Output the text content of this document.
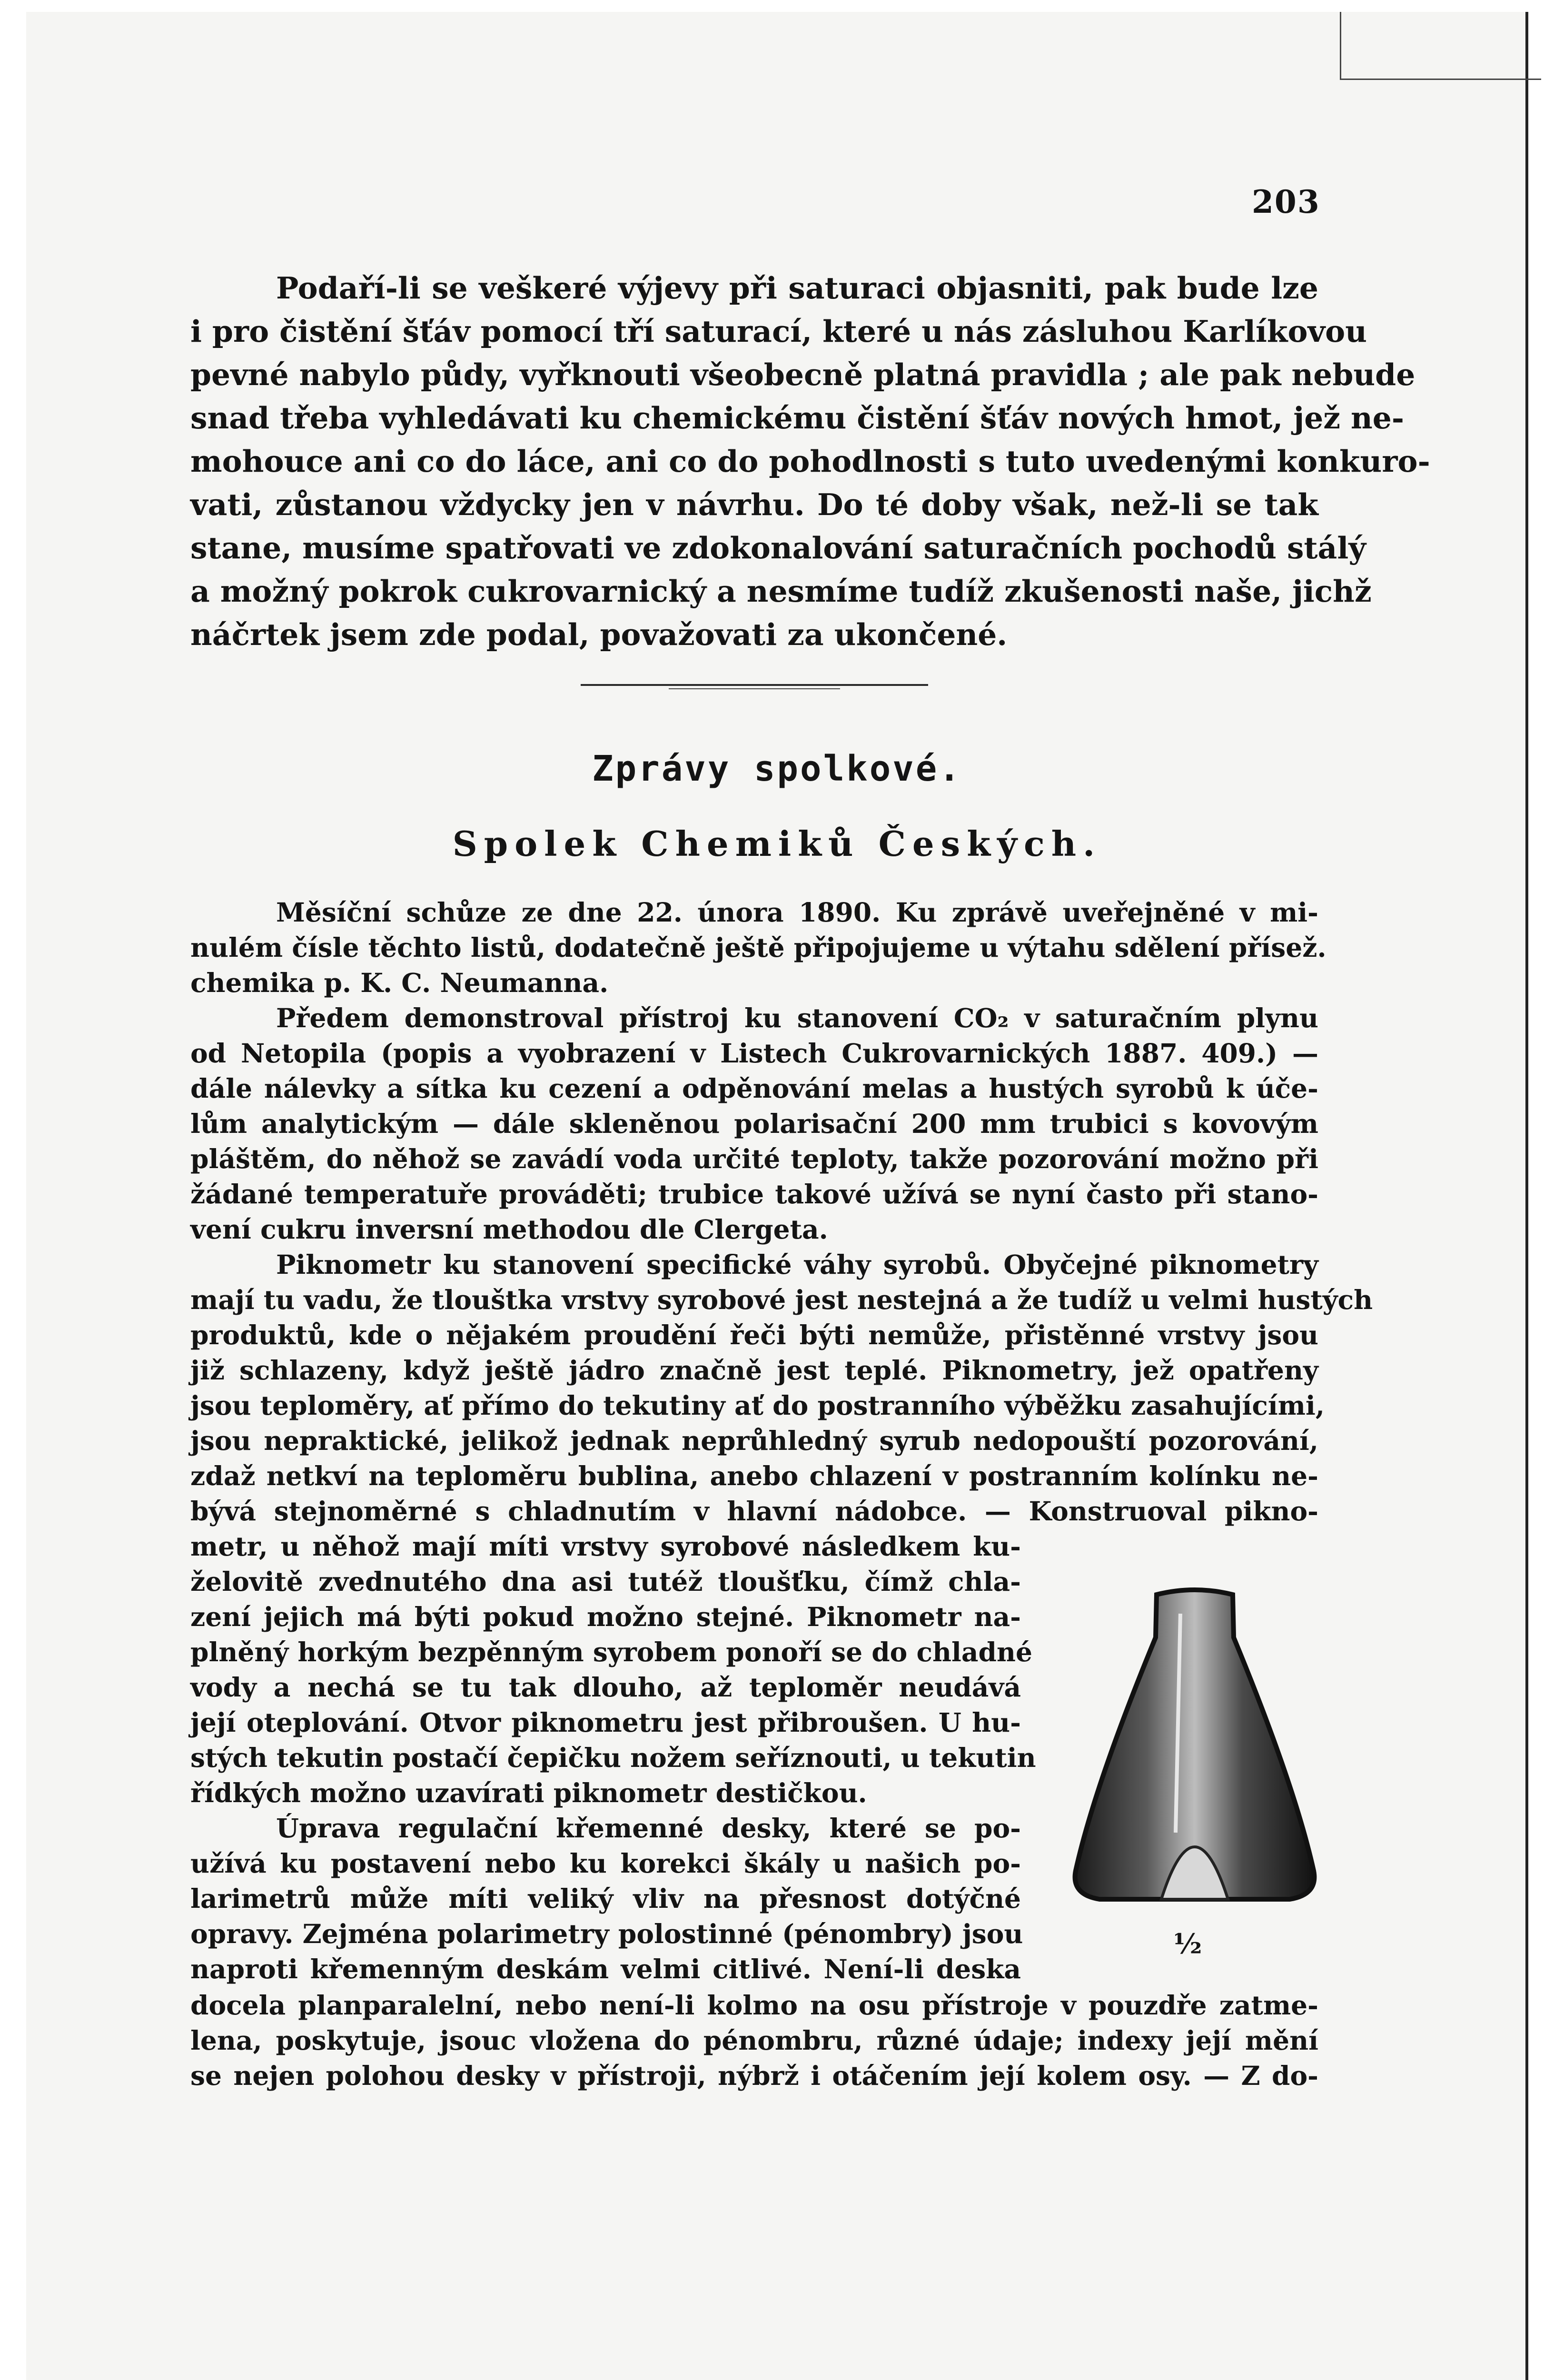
203
Podaří-li se veškeré výjevy při saturaci objasniti, pak bude lze
i pro čistění šťáv pomocí tří saturací, které u nás zásluhou Karlíkovou
pevné nabylo půdy, vyřknouti všeobecně platná pravidla ; ale pak nebude
snad třeba vyhledávati ku chemickému čistění šťáv nových hmot, jež ne-
mohouce ani co do láce, ani co do pohodlnosti s tuto uvedenými konkuro-
vati, zůstanou vždycky jen v návrhu. Do té doby však, než-li se tak
stane, musíme spatřovati ve zdokonalování saturačních pochodů stálý
a možný pokrok cukrovarnický a nesmíme tudíž zkušenosti naše, jichž
náčrtek jsem zde podal, považovati za ukončené.
Zprávy spolkové.
Spolek Chemiků Českých.
Měsíční schůze ze dne 22. února 1890. Ku zprávě uveřejněné v mi-
nulém čísle těchto listů, dodatečně ještě připojujeme u výtahu sdělení přísež.
chemika p. K. C. Neumanna.
Předem demonstroval přístroj ku stanovení CO₂ v saturačním plynu
od Netopila (popis a vyobrazení v Listech Cukrovarnických 1887. 409.) —
dále nálevky a sítka ku cezení a odpěnování melas a hustých syrobů k úče-
lům analytickým — dále skleněnou polarisační 200 mm trubici s kovovým
pláštěm, do něhož se zavádí voda určité teploty, takže pozorování možno při
žádané temperatuře prováděti; trubice takové užívá se nyní často při stano-
vení cukru inversní methodou dle Clergeta.
Piknometr ku stanovení specifické váhy syrobů. Obyčejné piknometry
mají tu vadu, že tlouštka vrstvy syrobové jest nestejná a že tudíž u velmi hustých
produktů, kde o nějakém proudění řeči býti nemůže, přistěnné vrstvy jsou
již schlazeny, když ještě jádro značně jest teplé. Piknometry, jež opatřeny
jsou teploměry, ať přímo do tekutiny ať do postranního výběžku zasahujícími,
jsou nepraktické, jelikož jednak neprůhledný syrub nedopouští pozorování,
zdaž netkví na teploměru bublina, anebo chlazení v postranním kolínku ne-
bývá stejnoměrné s chladnutím v hlavní nádobce. — Konstruoval pikno-
metr, u něhož mají míti vrstvy syrobové následkem ku-
želovitě zvednutého dna asi tutéž tloušťku, čímž chla-
zení jejich má býti pokud možno stejné. Piknometr na-
plněný horkým bezpěnným syrobem ponoří se do chladné
vody a nechá se tu tak dlouho, až teploměr neudává
její oteplování. Otvor piknometru jest přibroušen. U hu-
stých tekutin postačí čepičku nožem seříznouti, u tekutin
řídkých možno uzavírati piknometr destičkou.
Úprava regulační křemenné desky, které se po-
užívá ku postavení nebo ku korekci škály u našich po-
larimetrů může míti veliký vliv na přesnost dotýčné
opravy. Zejména polarimetry polostinné (pénombry) jsou
naproti křemenným deskám velmi citlivé. Není-li deska
½
docela planparalelní, nebo není-li kolmo na osu přístroje v pouzdře zatme-
lena, poskytuje, jsouc vložena do pénombru, různé údaje; indexy její mění
se nejen polohou desky v přístroji, nýbrž i otáčením její kolem osy. — Z do-
